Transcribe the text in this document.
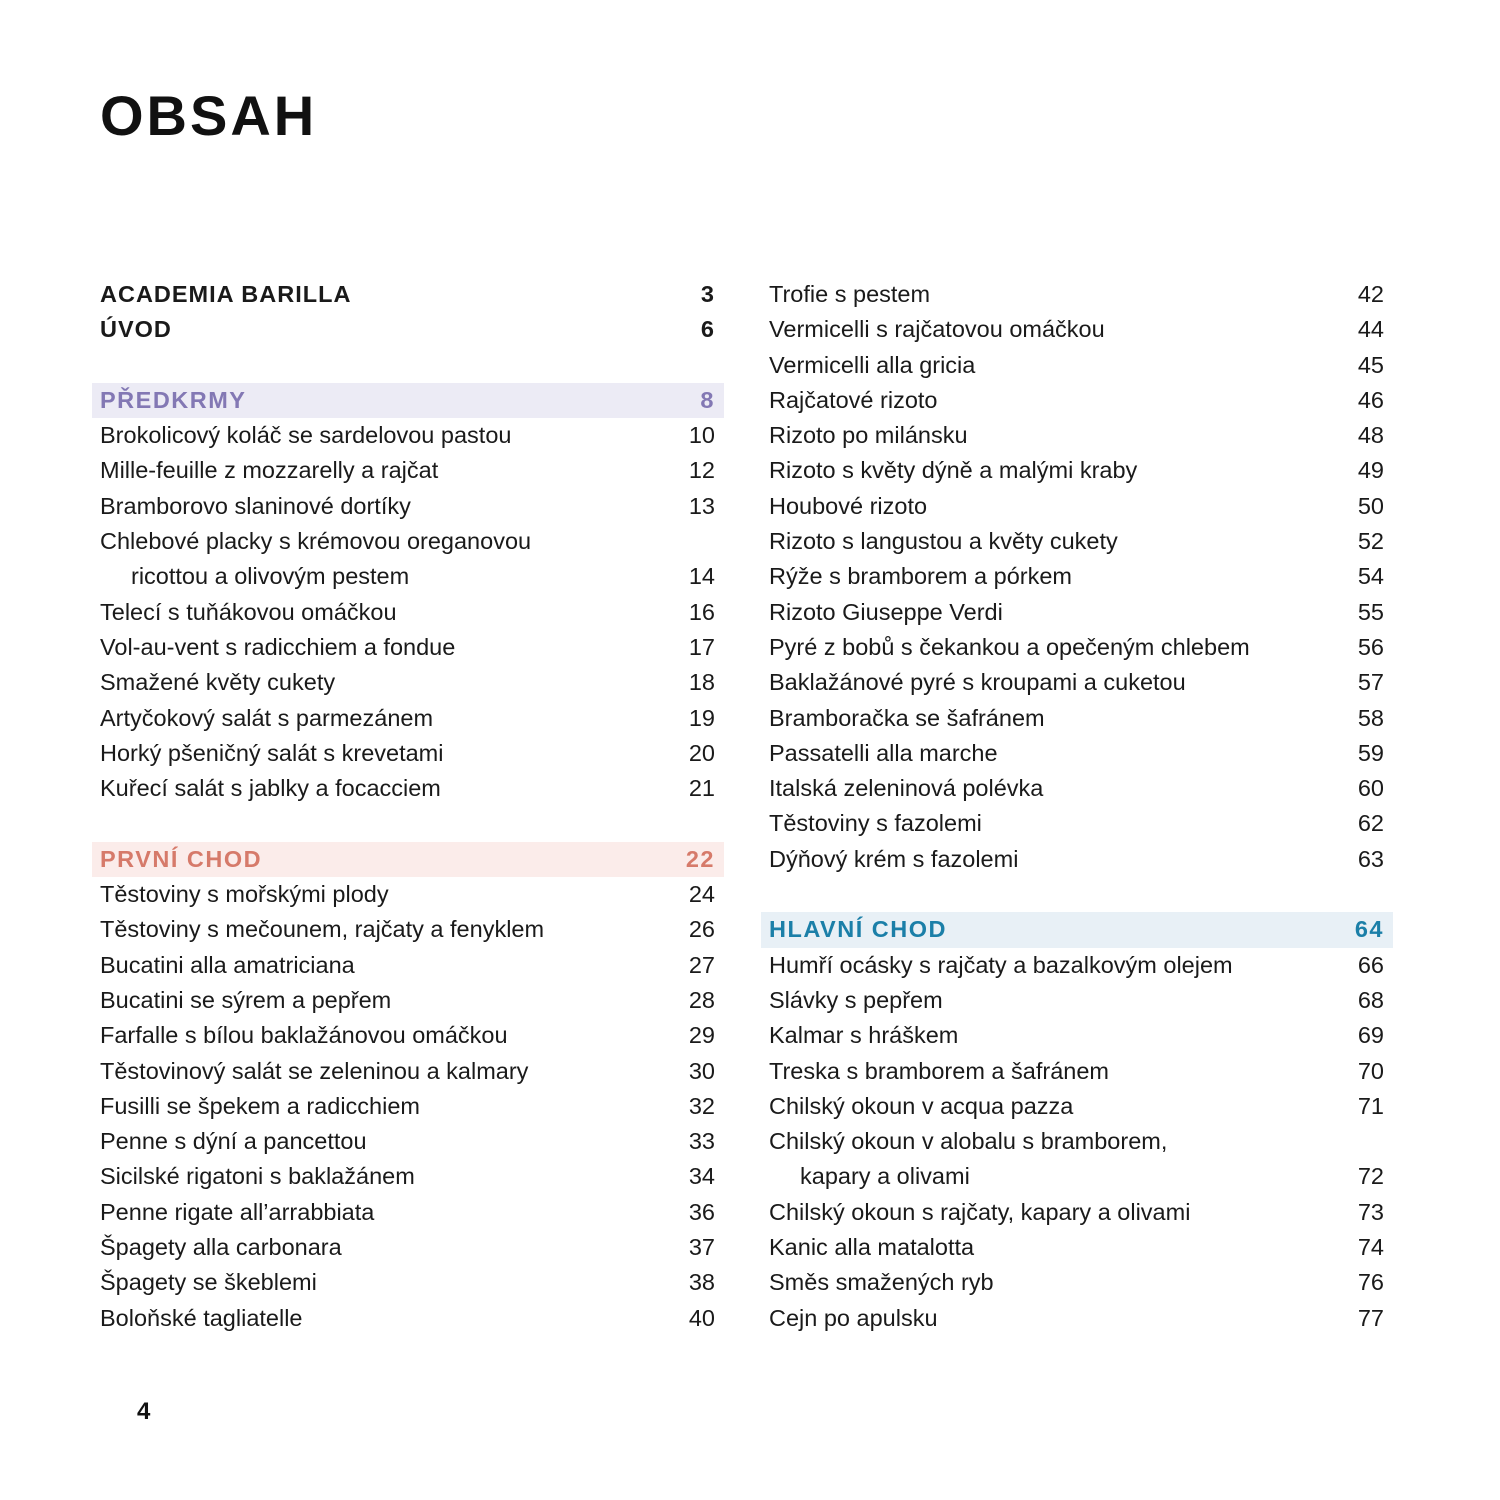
OBSAH
ACADEMIA BARILLA	3
ÚVOD	6
PŘEDKRMY	8
Brokolicový koláč se sardelovou pastou	10
Mille-feuille z mozzarelly a rajčat	12
Bramborovo slaninové dortíky	13
Chlebové placky s krémovou oreganovou
ricottou a olivovým pestem	14
Telecí s tuňákovou omáčkou	16
Vol-au-vent s radicchiem a fondue	17
Smažené květy cukety	18
Artyčokový salát s parmezánem	19
Horký pšeničný salát s krevetami	20
Kuřecí salát s jablky a focacciem	21
PRVNÍ CHOD	22
Těstoviny s mořskými plody	24
Těstoviny s mečounem, rajčaty a fenyklem	26
Bucatini alla amatriciana	27
Bucatini se sýrem a pepřem	28
Farfalle s bílou baklažánovou omáčkou	29
Těstovinový salát se zeleninou a kalmary	30
Fusilli se špekem a radicchiem	32
Penne s dýní a pancettou	33
Sicilské rigatoni s baklažánem	34
Penne rigate all’arrabbiata	36
Špagety alla carbonara	37
Špagety se škeblemi	38
Boloňské tagliatelle	40
Trofie s pestem	42
Vermicelli s rajčatovou omáčkou	44
Vermicelli alla gricia	45
Rajčatové rizoto	46
Rizoto po milánsku	48
Rizoto s květy dýně a malými kraby	49
Houbové rizoto	50
Rizoto s langustou a květy cukety	52
Rýže s bramborem a pórkem	54
Rizoto Giuseppe Verdi	55
Pyré z bobů s čekankou a opečeným chlebem	56
Baklažánové pyré s kroupami a cuketou	57
Bramboračka se šafránem	58
Passatelli alla marche	59
Italská zeleninová polévka	60
Těstoviny s fazolemi	62
Dýňový krém s fazolemi	63
HLAVNÍ CHOD	64
Humří ocásky s rajčaty a bazalkovým olejem	66
Slávky s pepřem	68
Kalmar s hráškem	69
Treska s bramborem a šafránem	70
Chilský okoun v acqua pazza	71
Chilský okoun v alobalu s bramborem,
kapary a olivami	72
Chilský okoun s rajčaty, kapary a olivami	73
Kanic alla matalotta	74
Směs smažených ryb	76
Cejn po apulsku	77
4
